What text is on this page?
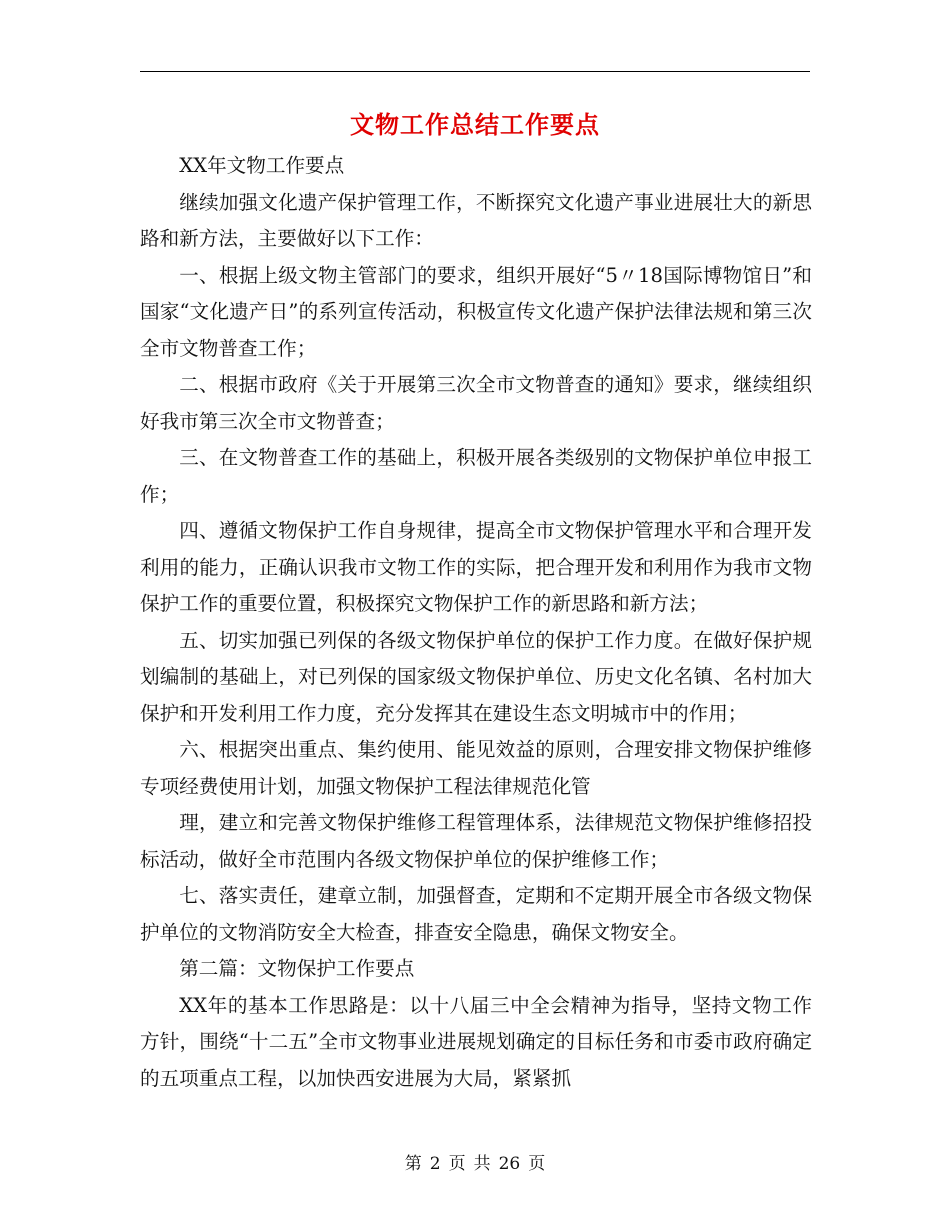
文物工作总结工作要点

XX年文物工作要点

继续加强文化遗产保护管理工作，不断探究文化遗产事业进展壮大的新思路和新方法，主要做好以下工作：

一、根据上级文物主管部门的要求，组织开展好“5〃18国际博物馆日”和国家“文化遗产日”的系列宣传活动，积极宣传文化遗产保护法律法规和第三次全市文物普查工作；

二、根据市政府《关于开展第三次全市文物普查的通知》要求，继续组织好我市第三次全市文物普查；

三、在文物普查工作的基础上，积极开展各类级别的文物保护单位申报工作；

四、遵循文物保护工作自身规律，提高全市文物保护管理水平和合理开发利用的能力，正确认识我市文物工作的实际，把合理开发和利用作为我市文物保护工作的重要位置，积极探究文物保护工作的新思路和新方法；

五、切实加强已列保的各级文物保护单位的保护工作力度。在做好保护规划编制的基础上，对已列保的国家级文物保护单位、历史文化名镇、名村加大保护和开发利用工作力度，充分发挥其在建设生态文明城市中的作用；

六、根据突出重点、集约使用、能见效益的原则，合理安排文物保护维修专项经费使用计划，加强文物保护工程法律规范化管

理，建立和完善文物保护维修工程管理体系，法律规范文物保护维修招投标活动，做好全市范围内各级文物保护单位的保护维修工作；

七、落实责任，建章立制，加强督查，定期和不定期开展全市各级文物保护单位的文物消防安全大检查，排查安全隐患，确保文物安全。

第二篇：文物保护工作要点

XX年的基本工作思路是：以十八届三中全会精神为指导，坚持文物工作方针，围绕“十二五”全市文物事业进展规划确定的目标任务和市委市政府确定的五项重点工程，以加快西安进展为大局，紧紧抓

第 2 页 共 26 页
